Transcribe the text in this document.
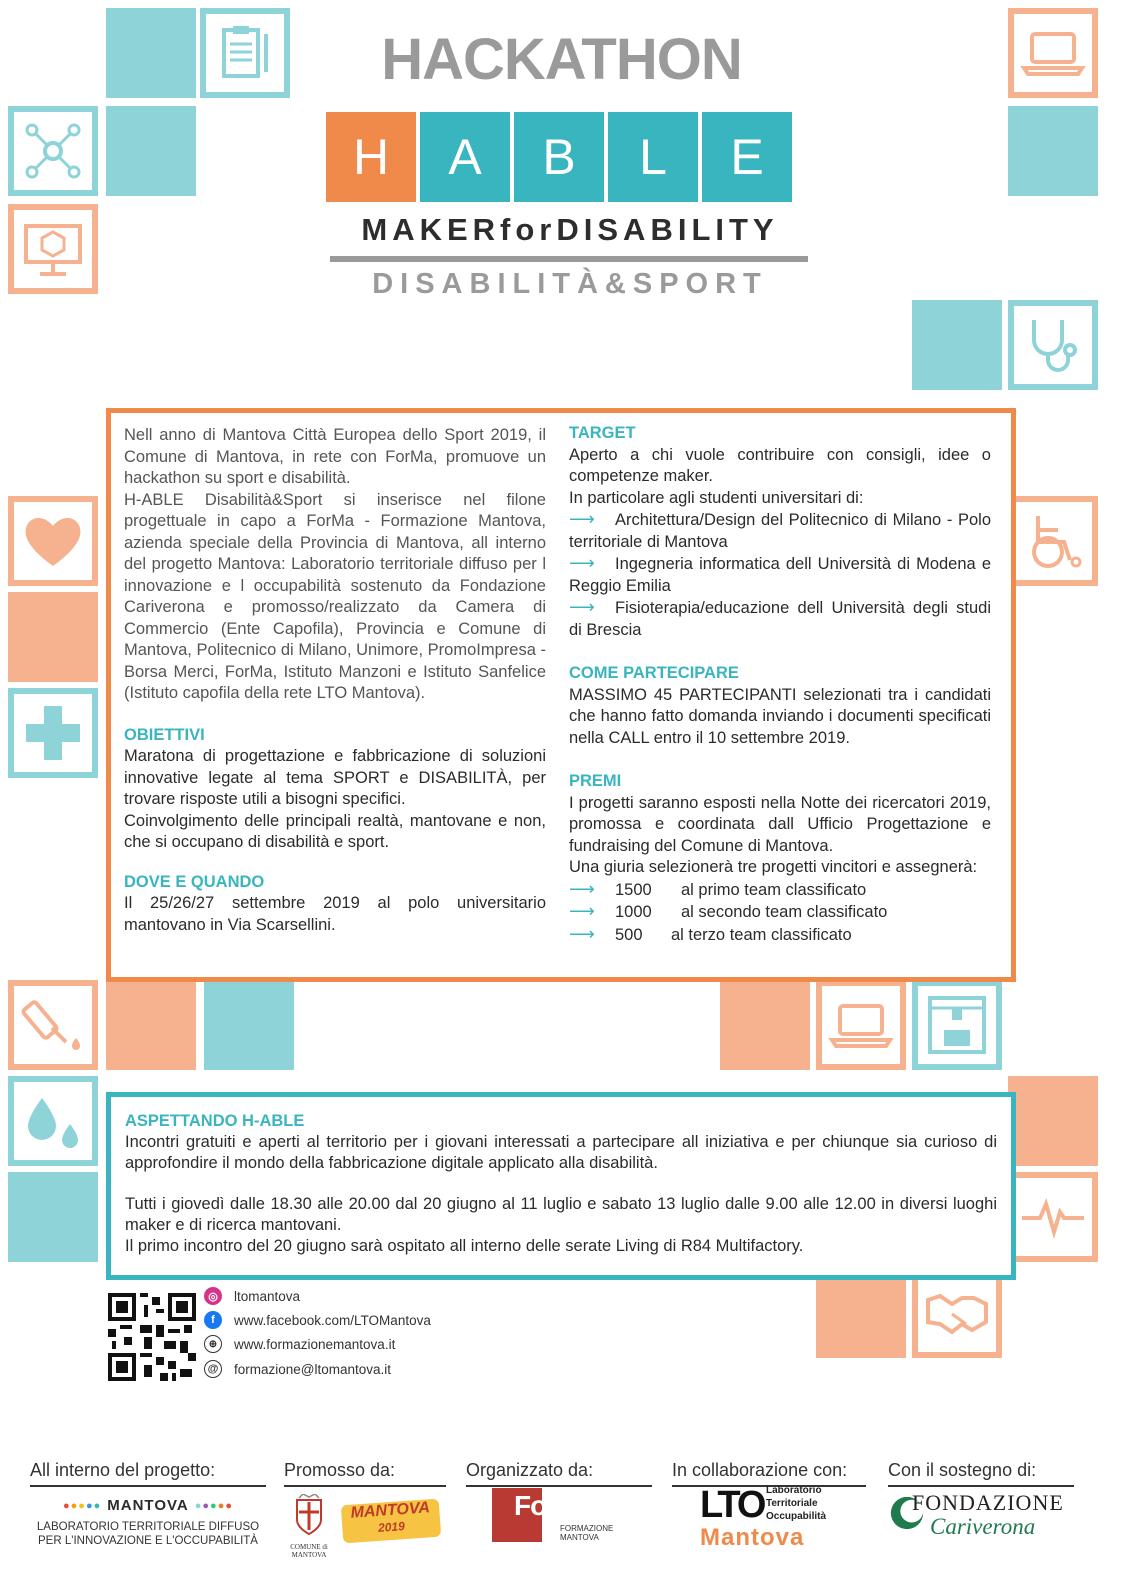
HACKATHON
H	A	B	L	E
MAKERforDISABILITY
DISABILITÀ&SPORT

Nell anno di Mantova Città Europea dello Sport 2019, il Comune di Mantova, in rete con ForMa, promuove un hackathon su sport e disabilità.

H-ABLE Disabilità&Sport si inserisce nel filone progettuale in capo a ForMa - Formazione Mantova, azienda speciale della Provincia di Mantova, all interno del progetto Mantova: Laboratorio territoriale diffuso per l innovazione e l occupabilità sostenuto da Fondazione Cariverona e promosso/realizzato da Camera di Commercio (Ente Capofila), Provincia e Comune di Mantova, Politecnico di Milano, Unimore, PromoImpresa - Borsa Merci, ForMa, Istituto Manzoni e Istituto Sanfelice (Istituto capofila della rete LTO Mantova).

OBIETTIVI

Maratona di progettazione e fabbricazione di soluzioni innovative legate al tema SPORT e DISABILITÀ, per trovare risposte utili a bisogni specifici.

Coinvolgimento delle principali realtà, mantovane e non, che si occupano di disabilità e sport.

DOVE E QUANDO

Il 25/26/27 settembre 2019 al polo universitario mantovano in Via Scarsellini.

TARGET

Aperto a chi vuole contribuire con consigli, idee o competenze maker.

In particolare agli studenti universitari di:

⟶ Architettura/Design del Politecnico di Milano - Polo territoriale di Mantova

⟶ Ingegneria informatica dell Università di Modena e Reggio Emilia

⟶ Fisioterapia/educazione dell Università degli studi di Brescia

COME PARTECIPARE

MASSIMO 45 PARTECIPANTI selezionati tra i candidati che hanno fatto domanda inviando i documenti specificati nella CALL entro il 10 settembre 2019.

PREMI

I progetti saranno esposti nella Notte dei ricercatori 2019, promossa e coordinata dall Ufficio Progettazione e fundraising del Comune di Mantova.

Una giuria selezionerà tre progetti vincitori e assegnerà:

⟶ 1500 al primo team classificato

⟶ 1000 al secondo team classificato

⟶ 500 al terzo team classificato

ASPETTANDO H-ABLE

Incontri gratuiti e aperti al territorio per i giovani interessati a partecipare all iniziativa e per chiunque sia curioso di approfondire il mondo della fabbricazione digitale applicato alla disabilità.

Tutti i giovedì dalle 18.30 alle 20.00 dal 20 giugno al 11 luglio e sabato 13 luglio dalle 9.00 alle 12.00 in diversi luoghi maker e di ricerca mantovani.

Il primo incontro del 20 giugno sarà ospitato all interno delle serate Living di R84 Multifactory.

◎	ltomantova
f	www.facebook.com/LTOMantova
⊕	www.formazionemantova.it
@ formazione@ltomantova.it
All interno del progetto:
● ● ● ● ● MANTOVA ● ● ● ● ●
LABORATORIO TERRITORIALE DIFFUSO
PER L'INNOVAZIONE E L'OCCUPABILITÀ
Promosso da:
COMUNE di MANTOVA
MANTOVA
2019
Organizzato da:
ForMa
FORMAZIONE
MANTOVA
In collaborazione con:
LTO Laboratorio
Territoriale
Occupabilità
Mantova
Con il sostegno di:
FONDAZIONE
Cariverona
